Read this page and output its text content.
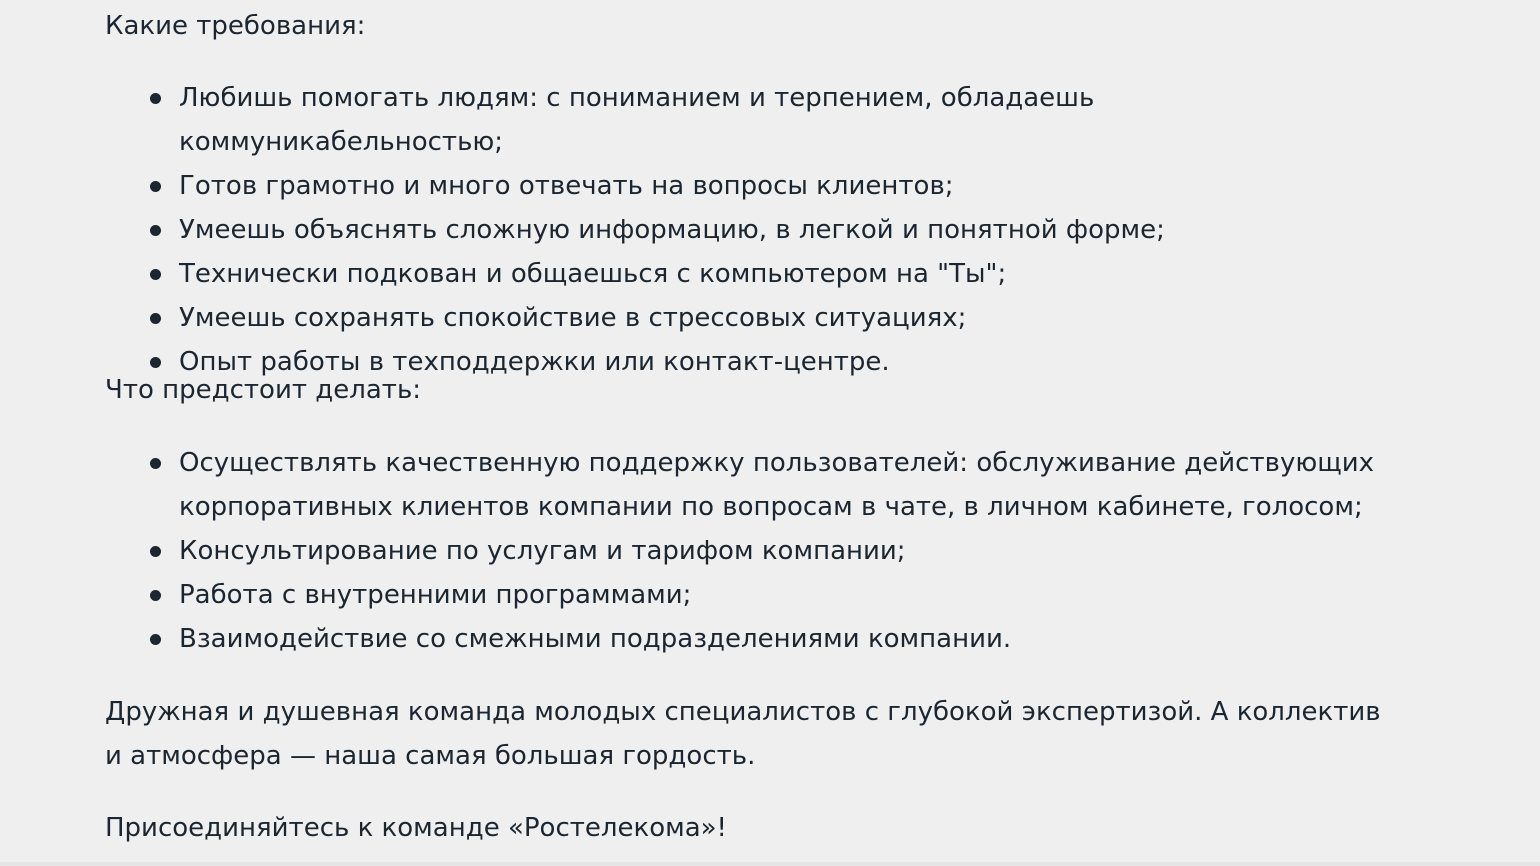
Какие требования:

Любишь помогать людям: с пониманием и терпением, обладаешь коммуникабельностью;
Готов грамотно и много отвечать на вопросы клиентов;
Умеешь объяснять сложную информацию, в легкой и понятной форме;
Технически подкован и общаешься с компьютером на "Ты";
Умеешь сохранять спокойствие в стрессовых ситуациях;
Опыт работы в техподдержки или контакт-центре.

Что предстоит делать:

Осуществлять качественную поддержку пользователей: обслуживание действующих корпоративных клиентов компании по вопросам в чате, в личном кабинете, голосом;
Консультирование по услугам и тарифом компании;
Работа с внутренними программами;
Взаимодействие со смежными подразделениями компании.

Дружная и душевная команда молодых специалистов с глубокой экспертизой. А коллектив и атмосфера — наша самая большая гордость.

Присоединяйтесь к команде «Ростелекома»!
